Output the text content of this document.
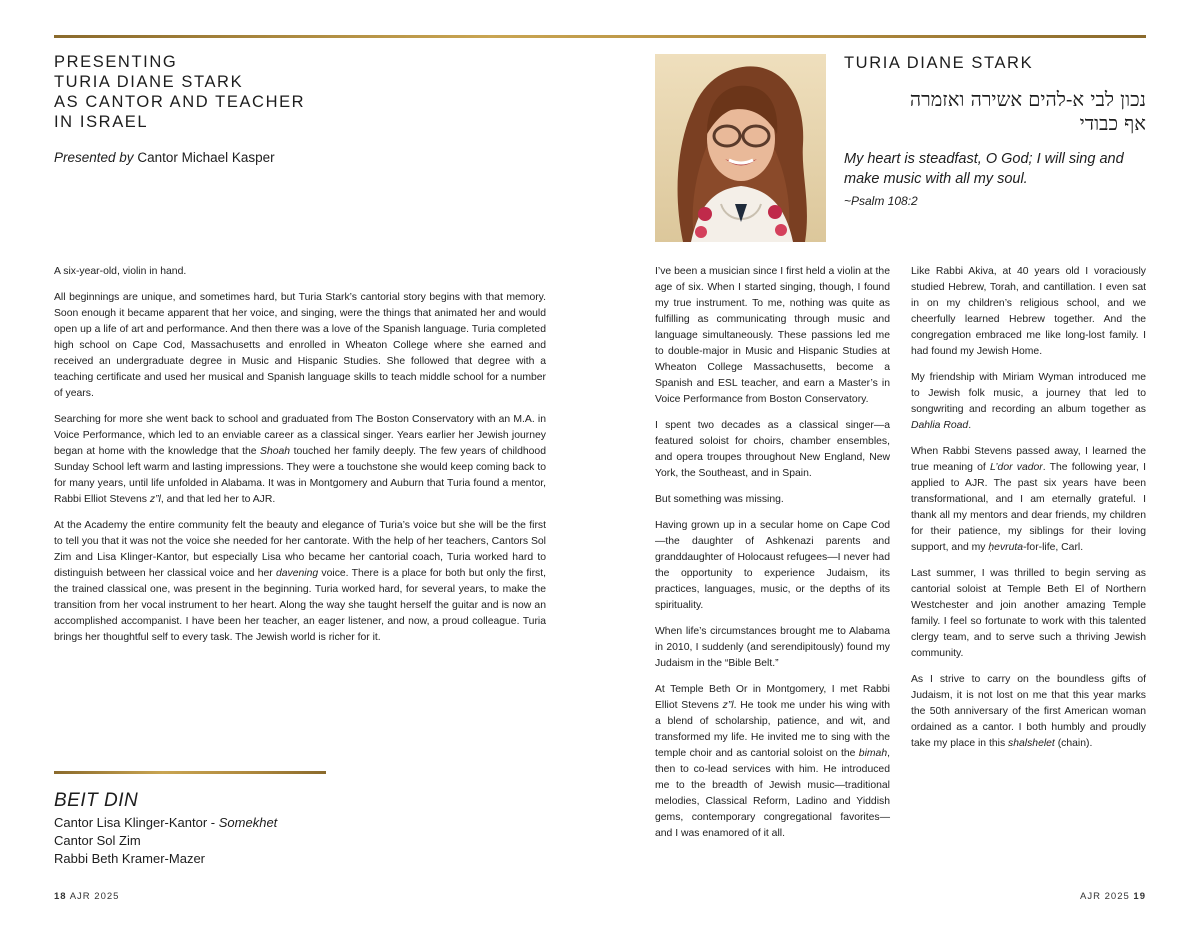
PRESENTING
TURIA DIANE STARK
AS CANTOR AND TEACHER
IN ISRAEL
Presented by Cantor Michael Kasper

A six-year-old, violin in hand.

All beginnings are unique, and sometimes hard, but Turia Stark’s cantorial story begins with that memory. Soon enough it became apparent that her voice, and singing, were the things that animated her and would open up a life of art and performance. And then there was a love of the Spanish language. Turia completed high school on Cape Cod, Massachusetts and enrolled in Wheaton College where she earned and received an undergraduate degree in Music and Hispanic Studies. She followed that degree with a teaching certificate and used her musical and Spanish language skills to teach middle school for a number of years.

Searching for more she went back to school and graduated from The Boston Conservatory with an M.A. in Voice Performance, which led to an enviable career as a classical singer. Years earlier her Jewish journey began at home with the knowledge that the Shoah touched her family deeply. The few years of childhood Sunday School left warm and lasting impressions. They were a touchstone she would keep coming back to for many years, until life unfolded in Alabama. It was in Montgomery and Auburn that Turia found a mentor, Rabbi Elliot Stevens z”l, and that led her to AJR.

At the Academy the entire community felt the beauty and elegance of Turia’s voice but she will be the first to tell you that it was not the voice she needed for her cantorate. With the help of her teachers, Cantors Sol Zim and Lisa Klinger-Kantor, but especially Lisa who became her cantorial coach, Turia worked hard to distinguish between her classical voice and her davening voice. There is a place for both but only the first, the trained classical one, was present in the beginning. Turia worked hard, for several years, to make the transition from her vocal instrument to her heart. Along the way she taught herself the guitar and is now an accomplished accompanist. I have been her teacher, an eager listener, and now, a proud colleague. Turia brings her thoughtful self to every task. The Jewish world is richer for it.

BEIT DIN
Cantor Lisa Klinger-Kantor - Somekhet
Cantor Sol Zim
Rabbi Beth Kramer-Mazer
18 AJR 2025
TURIA DIANE STARK
נכון לבי א-להים אשירה ואזמרה
אף כבודי
My heart is steadfast, O God; I will sing and make music with all my soul.
~Psalm 108:2

I’ve been a musician since I first held a violin at the age of six. When I started singing, though, I found my true instrument. To me, nothing was quite as fulfilling as communicating through music and language simultaneously. These passions led me to double-major in Music and Hispanic Studies at Wheaton College Massachusetts, become a Spanish and ESL teacher, and earn a Master’s in Voice Performance from Boston Conservatory.

I spent two decades as a classical singer—a featured soloist for choirs, chamber ensembles, and opera troupes throughout New England, New York, the Southeast, and in Spain.

But something was missing.

Having grown up in a secular home on Cape Cod—the daughter of Ashkenazi parents and granddaughter of Holocaust refugees—I never had the opportunity to experience Judaism, its practices, languages, music, or the depths of its spirituality.

When life’s circumstances brought me to Alabama in 2010, I suddenly (and serendipitously) found my Judaism in the “Bible Belt.”

At Temple Beth Or in Montgomery, I met Rabbi Elliot Stevens z”l. He took me under his wing with a blend of scholarship, patience, and wit, and transformed my life. He invited me to sing with the temple choir and as cantorial soloist on the bimah, then to co-lead services with him. He introduced me to the breadth of Jewish music—traditional melodies, Classical Reform, Ladino and Yiddish gems, contemporary congregational favorites—and I was enamored of it all.

Like Rabbi Akiva, at 40 years old I voraciously studied Hebrew, Torah, and cantillation. I even sat in on my children’s religious school, and we cheerfully learned Hebrew together. And the congregation embraced me like long-lost family. I had found my Jewish Home.

My friendship with Miriam Wyman introduced me to Jewish folk music, a journey that led to songwriting and recording an album together as Dahlia Road.

When Rabbi Stevens passed away, I learned the true meaning of L’dor vador. The following year, I applied to AJR. The past six years have been transformational, and I am eternally grateful. I thank all my mentors and dear friends, my children for their patience, my siblings for their loving support, and my ḥevruta-for-life, Carl.

Last summer, I was thrilled to begin serving as cantorial soloist at Temple Beth El of Northern Westchester and join another amazing Temple family. I feel so fortunate to work with this talented clergy team, and to serve such a thriving Jewish community.

As I strive to carry on the boundless gifts of Judaism, it is not lost on me that this year marks the 50th anniversary of the first American woman ordained as a cantor. I both humbly and proudly take my place in this shalshelet (chain).

AJR 2025 19
